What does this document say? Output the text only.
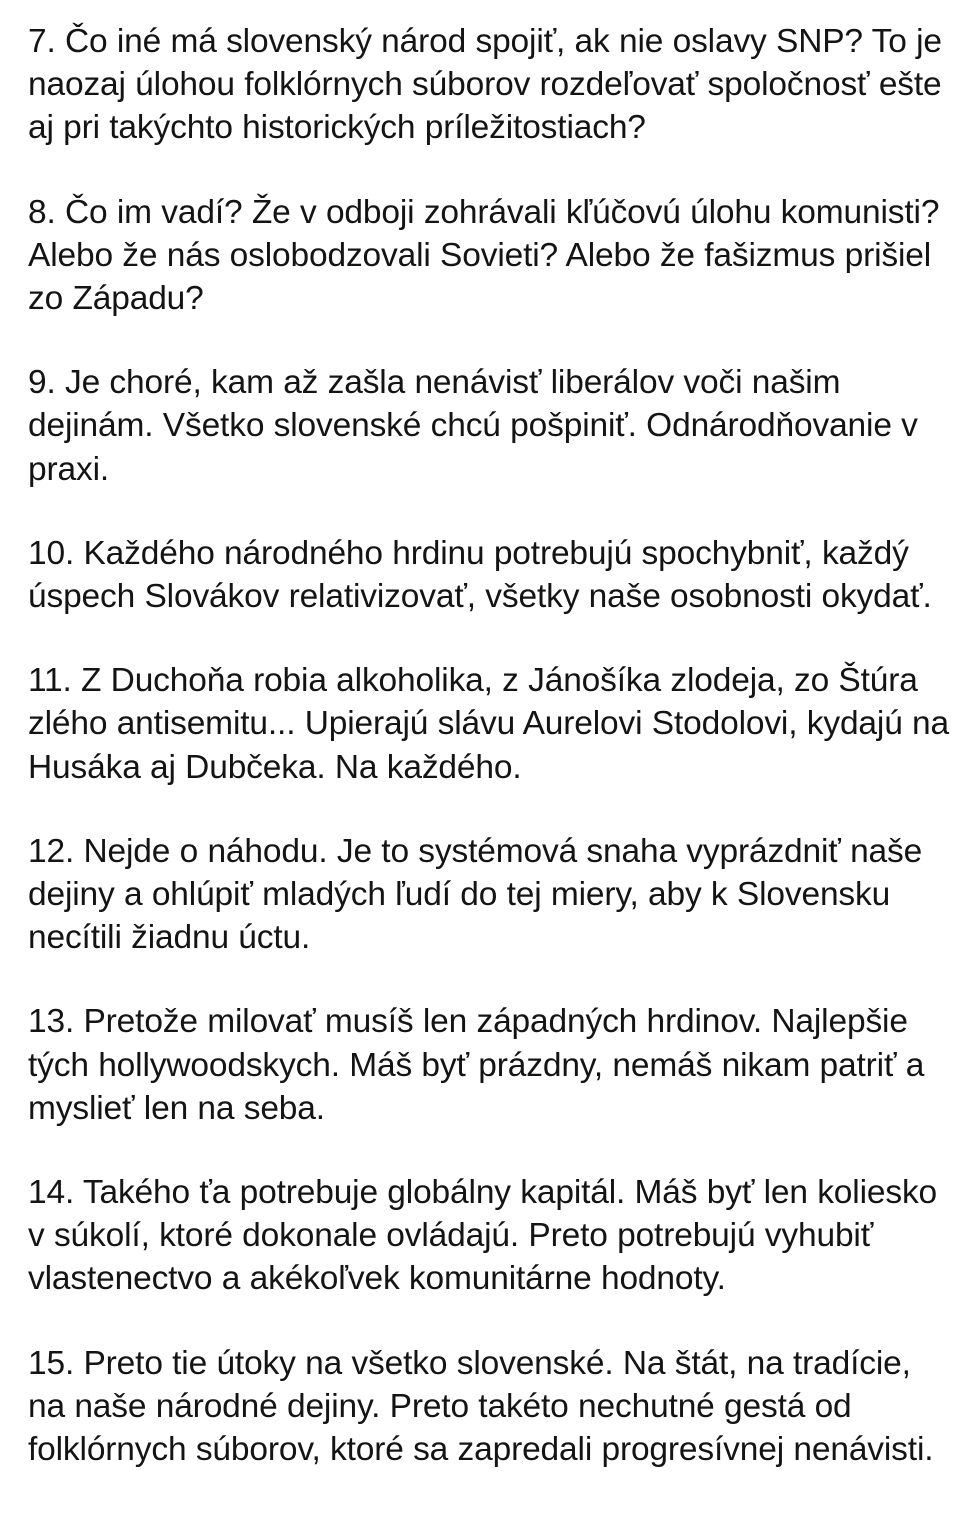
7. Čo iné má slovenský národ spojiť, ak nie oslavy SNP? To je naozaj úlohou folklórnych súborov rozdeľovať spoločnosť ešte aj pri takýchto historických príležitostiach?

8. Čo im vadí? Že v odboji zohrávali kľúčovú úlohu komunisti? Alebo že nás oslobodzovali Sovieti? Alebo že fašizmus prišiel zo Západu?

9. Je choré, kam až zašla nenávisť liberálov voči našim dejinám. Všetko slovenské chcú pošpiniť. Odnárodňovanie v praxi.

10. Každého národného hrdinu potrebujú spochybniť, každý úspech Slovákov relativizovať, všetky naše osobnosti okydať.

11. Z Duchoňa robia alkoholika, z Jánošíka zlodeja, zo Štúra zlého antisemitu... Upierajú slávu Aurelovi Stodolovi, kydajú na Husáka aj Dubčeka. Na každého.

12. Nejde o náhodu. Je to systémová snaha vyprázdniť naše dejiny a ohlúpiť mladých ľudí do tej miery, aby k Slovensku necítili žiadnu úctu.

13. Pretože milovať musíš len západných hrdinov. Najlepšie tých hollywoodskych. Máš byť prázdny, nemáš nikam patriť a myslieť len na seba.

14. Takého ťa potrebuje globálny kapitál. Máš byť len koliesko v súkolí, ktoré dokonale ovládajú. Preto potrebujú vyhubiť vlastenectvo a akékoľvek komunitárne hodnoty.

15. Preto tie útoky na všetko slovenské. Na štát, na tradície, na naše národné dejiny. Preto takéto nechutné gestá od folklórnych súborov, ktoré sa zapredali progresívnej nenávisti.
